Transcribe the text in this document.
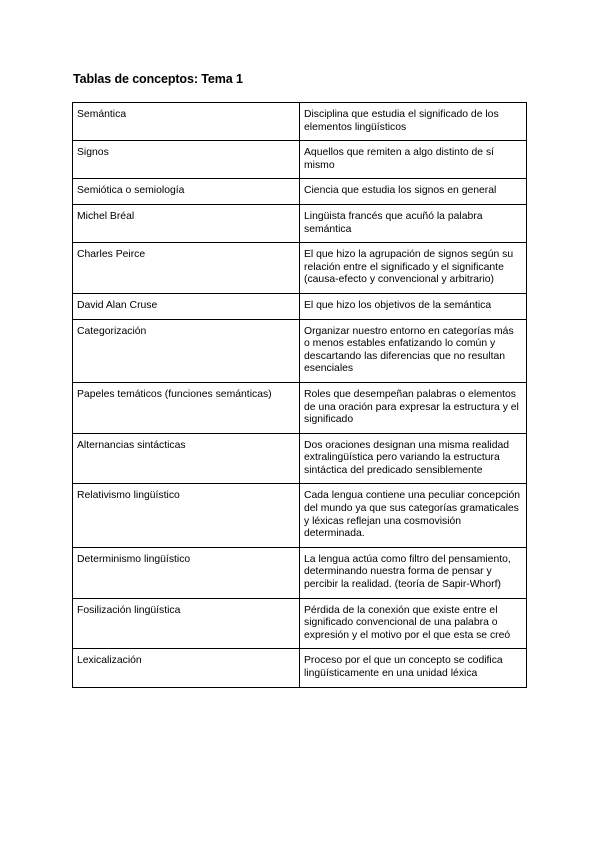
Tablas de conceptos: Tema 1
Semántica	Disciplina que estudia el significado de los elementos lingüísticos
Signos	Aquellos que remiten a algo distinto de sí mismo
Semiótica o semiología	Ciencia que estudia los signos en general
Michel Bréal	Lingüista francés que acuñó la palabra semántica
Charles Peirce	El que hizo la agrupación de signos según su relación entre el significado y el significante (causa-efecto y convencional y arbitrario)
David Alan Cruse	El que hizo los objetivos de la semántica
Categorización	Organizar nuestro entorno en categorías más o menos estables enfatizando lo común y descartando las diferencias que no resultan esenciales
Papeles temáticos (funciones semánticas)	Roles que desempeñan palabras o elementos de una oración para expresar la estructura y el significado
Alternancias sintácticas	Dos oraciones designan una misma realidad extralingüística pero variando la estructura sintáctica del predicado sensiblemente
Relativismo lingüístico	Cada lengua contiene una peculiar concepción del mundo ya que sus categorías gramaticales y léxicas reflejan una cosmovisión determinada.
Determinismo lingüístico	La lengua actúa como filtro del pensamiento, determinando nuestra forma de pensar y percibir la realidad. (teoría de Sapir-Whorf)
Fosilización lingüística	Pérdida de la conexión que existe entre el significado convencional de una palabra o expresión y el motivo por el que esta se creó
Lexicalización	Proceso por el que un concepto se codifica lingüísticamente en una unidad léxica
